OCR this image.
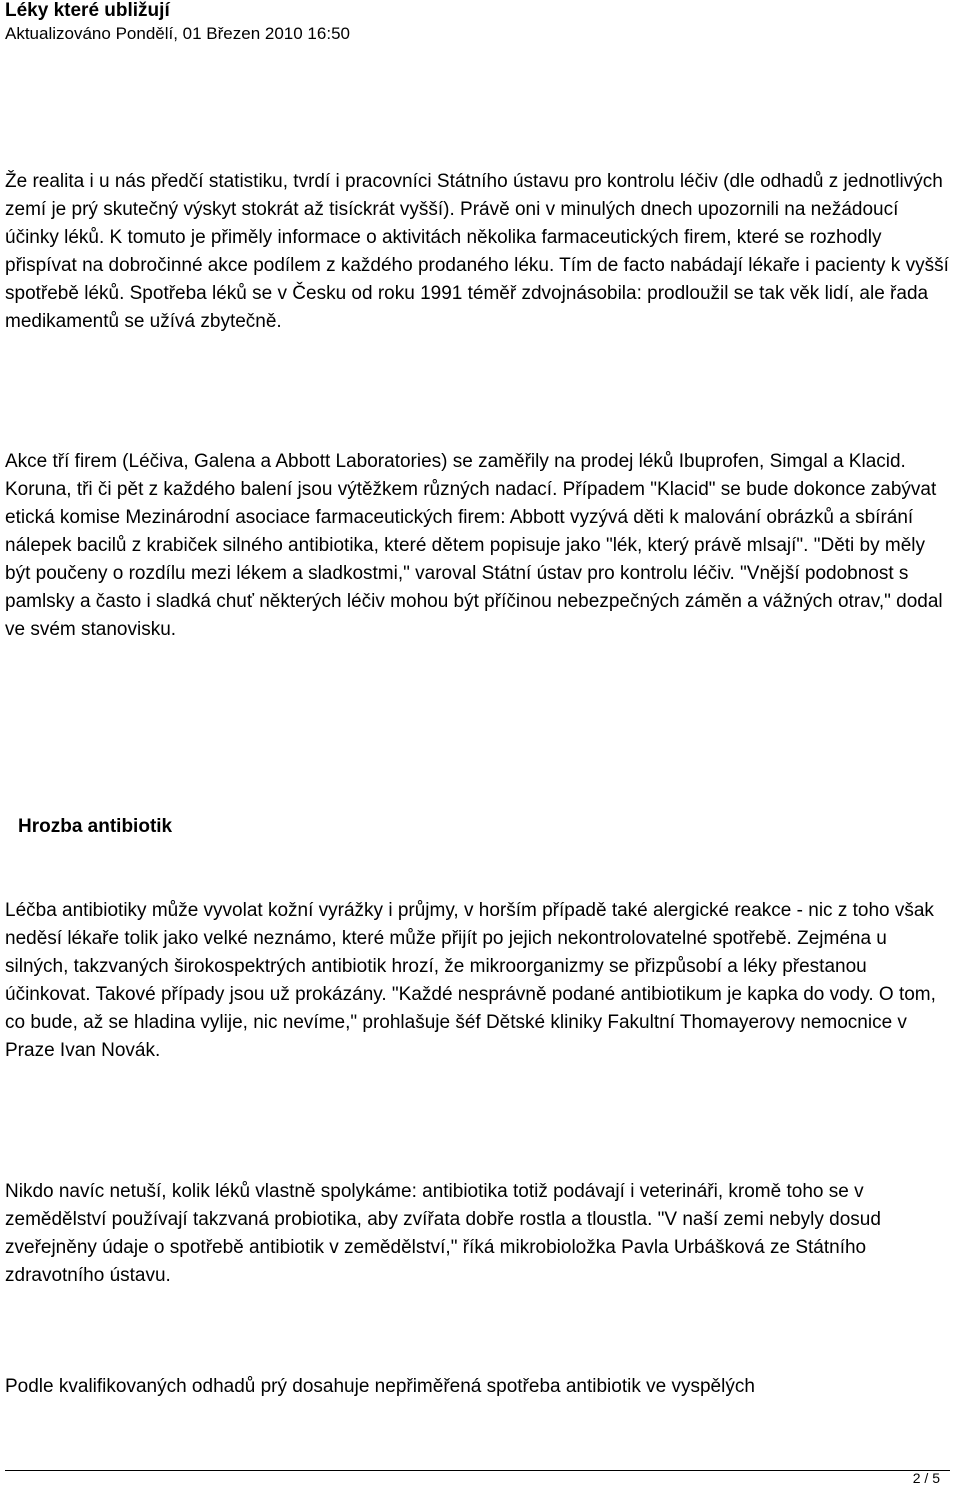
Léky které ubližují
Aktualizováno Pondělí, 01 Březen 2010 16:50

Že realita i u nás předčí statistiku, tvrdí i pracovníci Státního ústavu pro kontrolu léčiv (dle odhadů z jednotlivých zemí je prý skutečný výskyt stokrát až tisíckrát vyšší). Právě oni v minulých dnech upozornili na nežádoucí účinky léků. K tomuto je přiměly informace o aktivitách několika farmaceutických firem, které se rozhodly přispívat na dobročinné akce podílem z každého prodaného léku. Tím de facto nabádají lékaře i pacienty k vyšší spotřebě léků. Spotřeba léků se v Česku od roku 1991 téměř zdvojnásobila: prodloužil se tak věk lidí, ale řada medikamentů se užívá zbytečně.

Akce tří firem (Léčiva, Galena a Abbott Laboratories) se zaměřily na prodej léků Ibuprofen, Simgal a Klacid. Koruna, tři či pět z každého balení jsou výtěžkem různých nadací. Případem "Klacid" se bude dokonce zabývat etická komise Mezinárodní asociace farmaceutických firem: Abbott vyzývá děti k malování obrázků a sbírání nálepek bacilů z krabiček silného antibiotika, které dětem popisuje jako "lék, který právě mlsají". "Děti by měly být poučeny o rozdílu mezi lékem a sladkostmi," varoval Státní ústav pro kontrolu léčiv. "Vnější podobnost s pamlsky a často i sladká chuť některých léčiv mohou být příčinou nebezpečných záměn a vážných otrav," dodal ve svém stanovisku.

Hrozba antibiotik

Léčba antibiotiky může vyvolat kožní vyrážky i průjmy, v horším případě také alergické reakce - nic z toho však neděsí lékaře tolik jako velké neznámo, které může přijít po jejich nekontrolovatelné spotřebě. Zejména u silných, takzvaných širokospektrých antibiotik hrozí, že mikroorganizmy se přizpůsobí a léky přestanou účinkovat. Takové případy jsou už prokázány. "Každé nesprávně podané antibiotikum je kapka do vody. O tom, co bude, až se hladina vylije, nic nevíme," prohlašuje šéf Dětské kliniky Fakultní Thomayerovy nemocnice v Praze Ivan Novák.

Nikdo navíc netuší, kolik léků vlastně spolykáme: antibiotika totiž podávají i veterináři, kromě toho se v zemědělství používají takzvaná probiotika, aby zvířata dobře rostla a tloustla. "V naší zemi nebyly dosud zveřejněny údaje o spotřebě antibiotik v zemědělství," říká mikrobioložka Pavla Urbášková ze Státního zdravotního ústavu.

Podle kvalifikovaných odhadů prý dosahuje nepřiměřená spotřeba antibiotik ve vyspělých

2 / 5
